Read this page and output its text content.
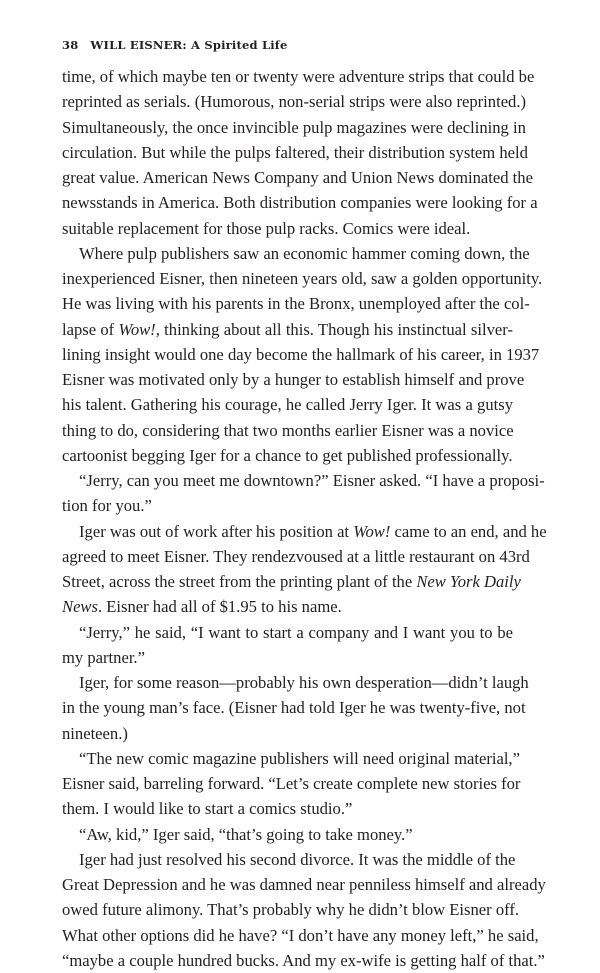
38 WILL EISNER: A Spirited Life
time, of which maybe ten or twenty were adventure strips that could be
reprinted as serials. (Humorous, non-serial strips were also reprinted.)
Simultaneously, the once invincible pulp magazines were declining in
circulation. But while the pulps faltered, their distribution system held
great value. American News Company and Union News dominated the
newsstands in America. Both distribution companies were looking for a
suitable replacement for those pulp racks. Comics were ideal.
Where pulp publishers saw an economic hammer coming down, the
inexperienced Eisner, then nineteen years old, saw a golden opportunity.
He was living with his parents in the Bronx, unemployed after the col-
lapse of Wow!, thinking about all this. Though his instinctual silver-
lining insight would one day become the hallmark of his career, in 1937
Eisner was motivated only by a hunger to establish himself and prove
his talent. Gathering his courage, he called Jerry Iger. It was a gutsy
thing to do, considering that two months earlier Eisner was a novice
cartoonist begging Iger for a chance to get published professionally.
“Jerry, can you meet me downtown?” Eisner asked. “I have a proposi-
tion for you.”
Iger was out of work after his position at Wow! came to an end, and he
agreed to meet Eisner. They rendezvoused at a little restaurant on 43rd
Street, across the street from the printing plant of the New York Daily
News. Eisner had all of $1.95 to his name.
“Jerry,” he said, “I want to start a company and I want you to be
my partner.”
Iger, for some reason—probably his own desperation—didn’t laugh
in the young man’s face. (Eisner had told Iger he was twenty-five, not
nineteen.)
“The new comic magazine publishers will need original material,”
Eisner said, barreling forward. “Let’s create complete new stories for
them. I would like to start a comics studio.”
“Aw, kid,” Iger said, “that’s going to take money.”
Iger had just resolved his second divorce. It was the middle of the
Great Depression and he was damned near penniless himself and already
owed future alimony. That’s probably why he didn’t blow Eisner off.
What other options did he have? “I don’t have any money left,” he said,
“maybe a couple hundred bucks. And my ex-wife is getting half of that.”
